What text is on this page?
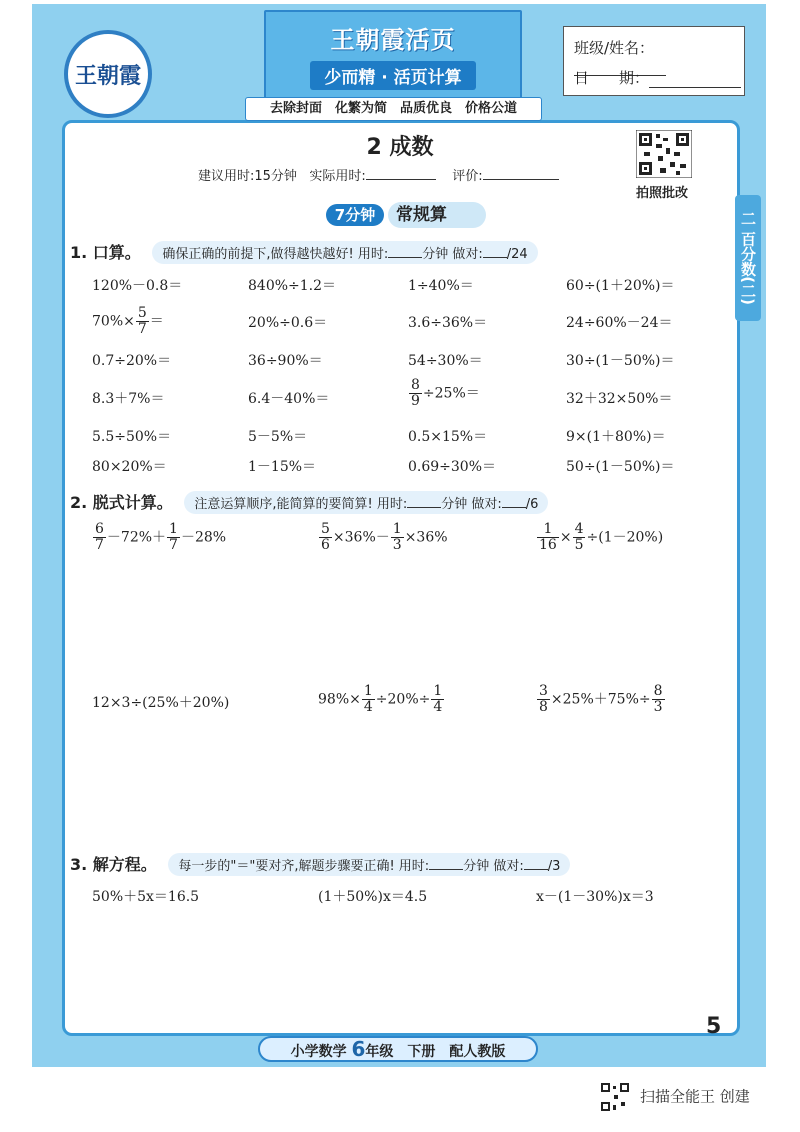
王朝霞
王朝霞活页
少而精 · 活页计算
班级/姓名：
日　　期：
去除封面　化繁为简　品质优良　价格公道
2 成数
建议用时:15分钟 实际用时:	评价:
拍照批改
二 百分数(二)
7分钟	常规算
1. 口算。 确保正确的前提下,做得越快越好! 用时:	分钟 做对: /24
120%－0.8＝	840%÷1.2＝	1÷40%＝	60÷(1＋20%)＝
$70\%\times \frac{5}{7}$ ＝	20%÷0.6＝	3.6÷36%＝	24÷60%－24＝
0.7÷20%＝	36÷90%＝	54÷30%＝	30÷(1－50%)＝
8.3＋7%＝	6.4－40%＝	$\frac{8}{9} \div 25\%=$	32＋32×50%＝
5.5÷50%＝	5－5%＝	0.5×15%＝	9×(1＋80%)＝
80×20%＝	1－15%＝	0.69÷30%＝	50÷(1－50%)＝
2. 脱式计算。 注意运算顺序,能简算的要简算! 用时:	分钟 做对: /6
$\frac{6}{7} -72\%+ \frac{1}{7} -28\%$	$\frac{5}{6} \times 36\%- \frac{1}{3} \times 36\%$	$\frac{1}{16} \times \frac{4}{5} \div(1-20\%)$
12×3÷(25%＋20%)	$98\%\times \frac{1}{4} \div 20\%\div \frac{1}{4}$	$\frac{3}{8} \times 25\%+75\%\div \frac{8}{3}$
3. 解方程。 每一步的"＝"要对齐,解题步骤要正确! 用时:	分钟 做对: /3
50%＋5x＝16.5	(1＋50%)x＝4.5	x－(1－30%)x＝3
5
小学数学 6年级　下册　配人教版
扫描全能王 创建
